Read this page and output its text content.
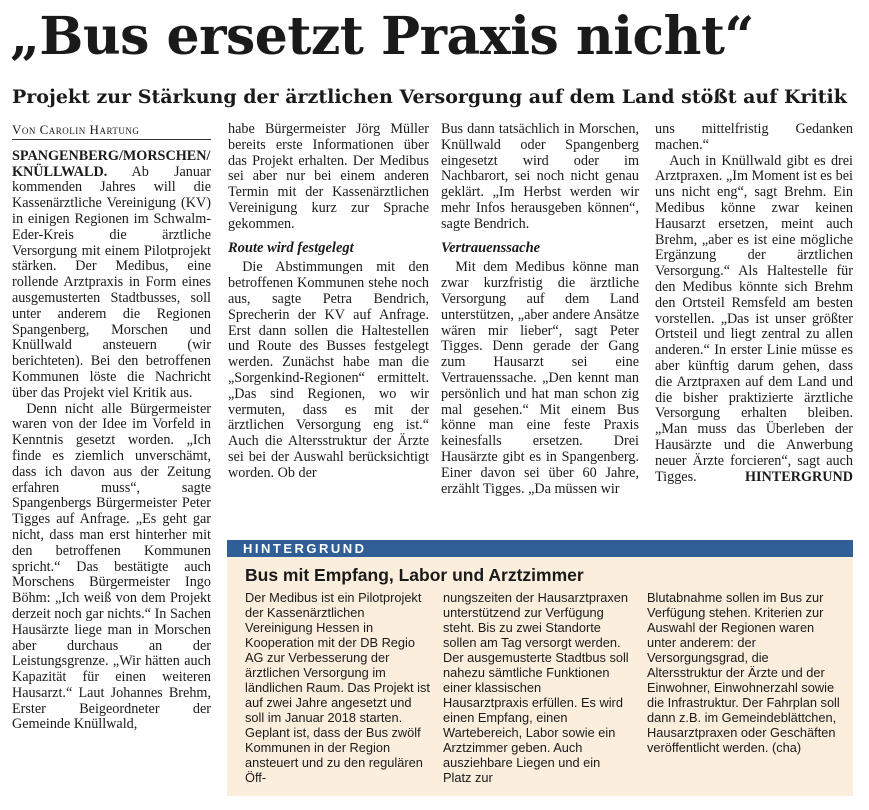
„Bus ersetzt Praxis nicht“
Projekt zur Stärkung der ärztlichen Versorgung auf dem Land stößt auf Kritik
Von Carolin Hartung

SPANGENBERG/MORSCHEN/ KNÜLLWALD. Ab Januar kommenden Jahres will die Kassenärztliche Vereinigung (KV) in einigen Regionen im Schwalm-Eder-Kreis die ärztliche Versorgung mit einem Pilotprojekt stärken. Der Medibus, eine rollende Arztpraxis in Form eines ausgemusterten Stadtbusses, soll unter anderem die Regionen Spangenberg, Morschen und Knüllwald ansteuern (wir berichteten). Bei den betroffenen Kommunen löste die Nachricht über das Projekt viel Kritik aus.

Denn nicht alle Bürgermeister waren von der Idee im Vorfeld in Kenntnis gesetzt worden. „Ich finde es ziemlich unverschämt, dass ich davon aus der Zeitung erfahren muss“, sagte Spangenbergs Bürgermeister Peter Tigges auf Anfrage. „Es geht gar nicht, dass man erst hinterher mit den betroffenen Kommunen spricht.“ Das bestätigte auch Morschens Bürgermeister Ingo Böhm: „Ich weiß von dem Projekt derzeit noch gar nichts.“ In Sachen Hausärzte liege man in Morschen aber durchaus an der Leistungsgrenze. „Wir hätten auch Kapazität für einen weiteren Hausarzt.“ Laut Johannes Brehm, Erster Beigeordneter der Gemeinde Knüllwald,

habe Bürgermeister Jörg Müller bereits erste Informationen über das Projekt erhalten. Der Medibus sei aber nur bei einem anderen Termin mit der Kassenärztlichen Vereinigung kurz zur Sprache gekommen.

Route wird festgelegt

Die Abstimmungen mit den betroffenen Kommunen stehe noch aus, sagte Petra Bendrich, Sprecherin der KV auf Anfrage. Erst dann sollen die Haltestellen und Route des Busses festgelegt werden. Zunächst habe man die „Sorgenkind-Regionen“ ermittelt. „Das sind Regionen, wo wir vermuten, dass es mit der ärztlichen Versorgung eng ist.“ Auch die Altersstruktur der Ärzte sei bei der Auswahl berücksichtigt worden. Ob der

Bus dann tatsächlich in Morschen, Knüllwald oder Spangenberg eingesetzt wird oder im Nachbarort, sei noch nicht genau geklärt. „Im Herbst werden wir mehr Infos herausgeben können“, sagte Bendrich.

Vertrauenssache

Mit dem Medibus könne man zwar kurzfristig die ärztliche Versorgung auf dem Land unterstützen, „aber andere Ansätze wären mir lieber“, sagt Peter Tigges. Denn gerade der Gang zum Hausarzt sei eine Vertrauenssache. „Den kennt man persönlich und hat man schon zig mal gesehen.“ Mit einem Bus könne man eine feste Praxis keinesfalls ersetzen. Drei Hausärzte gibt es in Spangenberg. Einer davon sei über 60 Jahre, erzählt Tigges. „Da müssen wir

uns mittelfristig Gedanken machen.“

Auch in Knüllwald gibt es drei Arztpraxen. „Im Moment ist es bei uns nicht eng“, sagt Brehm. Ein Medibus könne zwar keinen Hausarzt ersetzen, meint auch Brehm, „aber es ist eine mögliche Ergänzung der ärztlichen Versorgung.“ Als Haltestelle für den Medibus könnte sich Brehm den Ortsteil Remsfeld am besten vorstellen. „Das ist unser größter Ortsteil und liegt zentral zu allen anderen.“ In erster Linie müsse es aber künftig darum gehen, dass die Arztpraxen auf dem Land und die bisher praktizierte ärztliche Versorgung erhalten bleiben. „Man muss das Überleben der Hausärzte und die Anwerbung neuer Ärzte forcieren“, sagt auch Tigges.	HINTERGRUND

HINTERGRUND
Bus mit Empfang, Labor und Arztzimmer

Der Medibus ist ein Pilotprojekt der Kassenärztlichen Vereinigung Hessen in Kooperation mit der DB Regio AG zur Verbesserung der ärztlichen Versorgung im ländlichen Raum. Das Projekt ist auf zwei Jahre angesetzt und soll im Januar 2018 starten. Geplant ist, dass der Bus zwölf Kommunen in der Region ansteuert und zu den regulären Öff-

nungszeiten der Hausarztpraxen unterstützend zur Verfügung steht. Bis zu zwei Standorte sollen am Tag versorgt werden. Der ausgemusterte Stadtbus soll nahezu sämtliche Funktionen einer klassischen Hausarztpraxis erfüllen. Es wird einen Empfang, einen Wartebereich, Labor sowie ein Arztzimmer geben. Auch ausziehbare Liegen und ein Platz zur

Blutabnahme sollen im Bus zur Verfügung stehen. Kriterien zur Auswahl der Regionen waren unter anderem: der Versorgungsgrad, die Altersstruktur der Ärzte und der Einwohner, Einwohnerzahl sowie die Infrastruktur. Der Fahrplan soll dann z.B. im Gemeindeblättchen, Hausarztpraxen oder Geschäften veröffentlicht werden. (cha)
